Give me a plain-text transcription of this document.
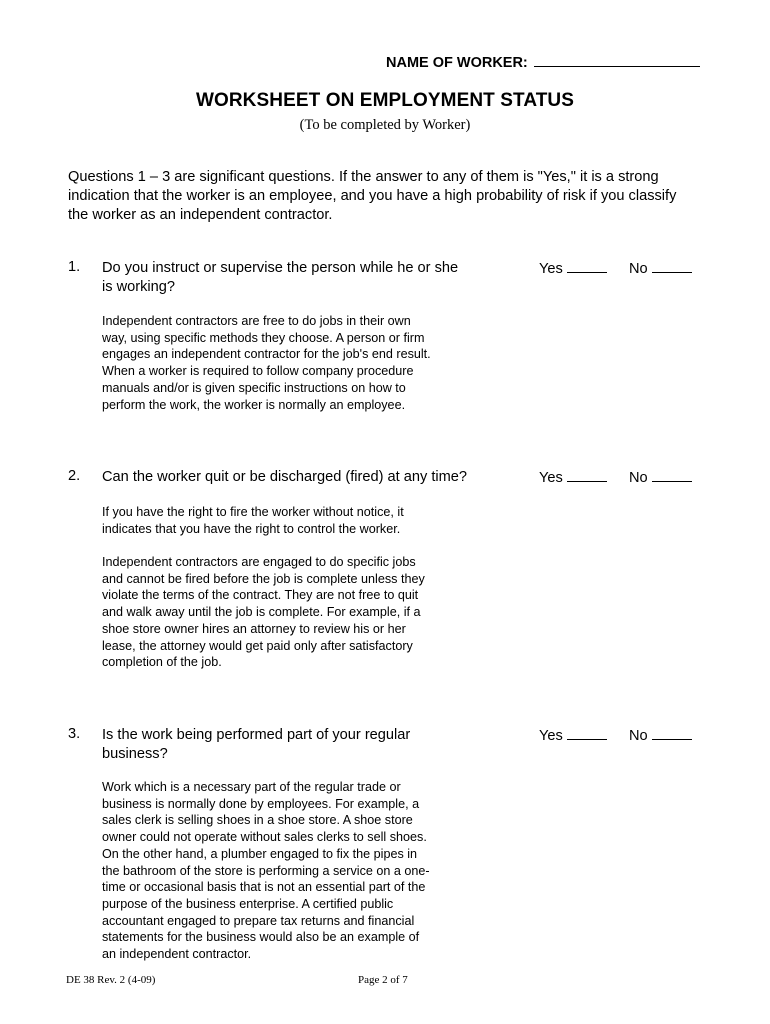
NAME OF WORKER:
WORKSHEET ON EMPLOYMENT STATUS
(To be completed by Worker)
Questions 1 – 3 are significant questions. If the answer to any of them is "Yes," it is a strong
indication that the worker is an employee, and you have a high probability of risk if you classify
the worker as an independent contractor.
1. Do you instruct or supervise the person while he or she
is working?
Yes	No
Independent contractors are free to do jobs in their own
way, using specific methods they choose. A person or firm
engages an independent contractor for the job's end result.
When a worker is required to follow company procedure
manuals and/or is given specific instructions on how to
perform the work, the worker is normally an employee.
2. Can the worker quit or be discharged (fired) at any time?	Yes	No
If you have the right to fire the worker without notice, it
indicates that you have the right to control the worker.
Independent contractors are engaged to do specific jobs
and cannot be fired before the job is complete unless they
violate the terms of the contract. They are not free to quit
and walk away until the job is complete. For example, if a
shoe store owner hires an attorney to review his or her
lease, the attorney would get paid only after satisfactory
completion of the job.
3. Is the work being performed part of your regular
business?
Yes	No
Work which is a necessary part of the regular trade or
business is normally done by employees. For example, a
sales clerk is selling shoes in a shoe store. A shoe store
owner could not operate without sales clerks to sell shoes.
On the other hand, a plumber engaged to fix the pipes in
the bathroom of the store is performing a service on a one-
time or occasional basis that is not an essential part of the
purpose of the business enterprise. A certified public
accountant engaged to prepare tax returns and financial
statements for the business would also be an example of
an independent contractor.
DE 38 Rev. 2 (4-09)	Page 2 of 7
